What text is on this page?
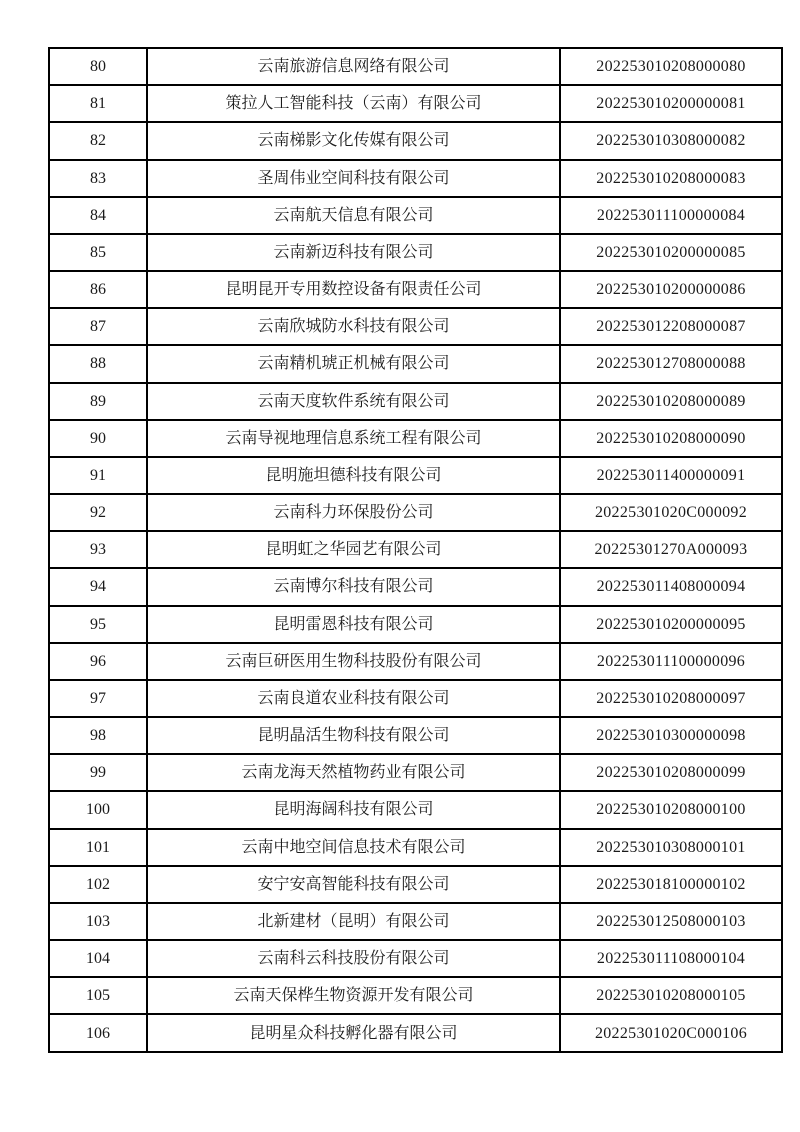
80	云南旅游信息网络有限公司	202253010208000080
81	策拉人工智能科技（云南）有限公司	202253010200000081
82	云南梯影文化传媒有限公司	202253010308000082
83	圣周伟业空间科技有限公司	202253010208000083
84	云南航天信息有限公司	202253011100000084
85	云南新迈科技有限公司	202253010200000085
86	昆明昆开专用数控设备有限责任公司	202253010200000086
87	云南欣城防水科技有限公司	202253012208000087
88	云南精机琥正机械有限公司	202253012708000088
89	云南天度软件系统有限公司	202253010208000089
90	云南导视地理信息系统工程有限公司	202253010208000090
91	昆明施坦德科技有限公司	202253011400000091
92	云南科力环保股份公司	20225301020C000092
93	昆明虹之华园艺有限公司	20225301270A000093
94	云南博尔科技有限公司	202253011408000094
95	昆明雷恩科技有限公司	202253010200000095
96	云南巨研医用生物科技股份有限公司	202253011100000096
97	云南良道农业科技有限公司	202253010208000097
98	昆明晶活生物科技有限公司	202253010300000098
99	云南龙海天然植物药业有限公司	202253010208000099
100	昆明海阔科技有限公司	202253010208000100
101	云南中地空间信息技术有限公司	202253010308000101
102	安宁安高智能科技有限公司	202253018100000102
103	北新建材（昆明）有限公司	202253012508000103
104	云南科云科技股份有限公司	202253011108000104
105	云南天保桦生物资源开发有限公司	202253010208000105
106	昆明星众科技孵化器有限公司	20225301020C000106
